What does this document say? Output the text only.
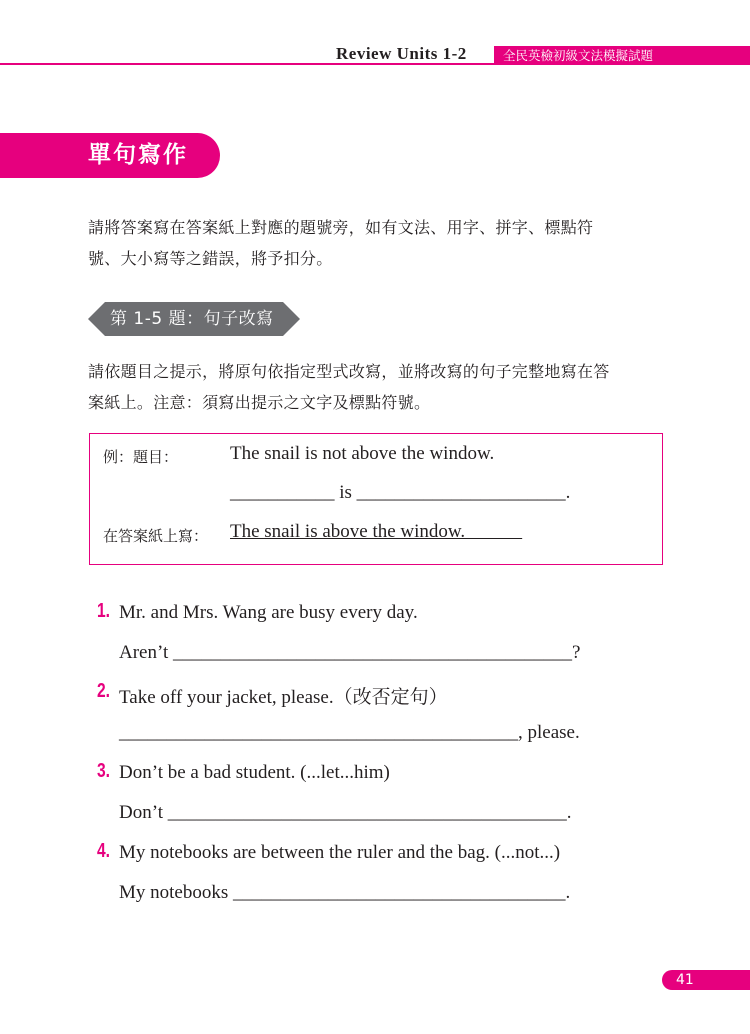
Review Units 1-2	全民英檢初級文法模擬試題
單句寫作
請將答案寫在答案紙上對應的題號旁，如有文法、用字、拼字、標點符
號、大小寫等之錯誤，將予扣分。
第 1-5 題：句子改寫
請依題目之提示，將原句依指定型式改寫，並將改寫的句子完整地寫在答
案紙上。注意：須寫出提示之文字及標點符號。
例：題目：	The snail is not above the window.
___________ is ______________________.
在答案紙上寫： The snail is above the window.
1. Mr. and Mrs. Wang are busy every day.
Aren’t __________________________________________?
2. Take off your jacket, please.（改否定句）
__________________________________________, please.
3. Don’t be a bad student. (...let...him)
Don’t __________________________________________.
4. My notebooks are between the ruler and the bag. (...not...)
My notebooks ___________________________________.
41
